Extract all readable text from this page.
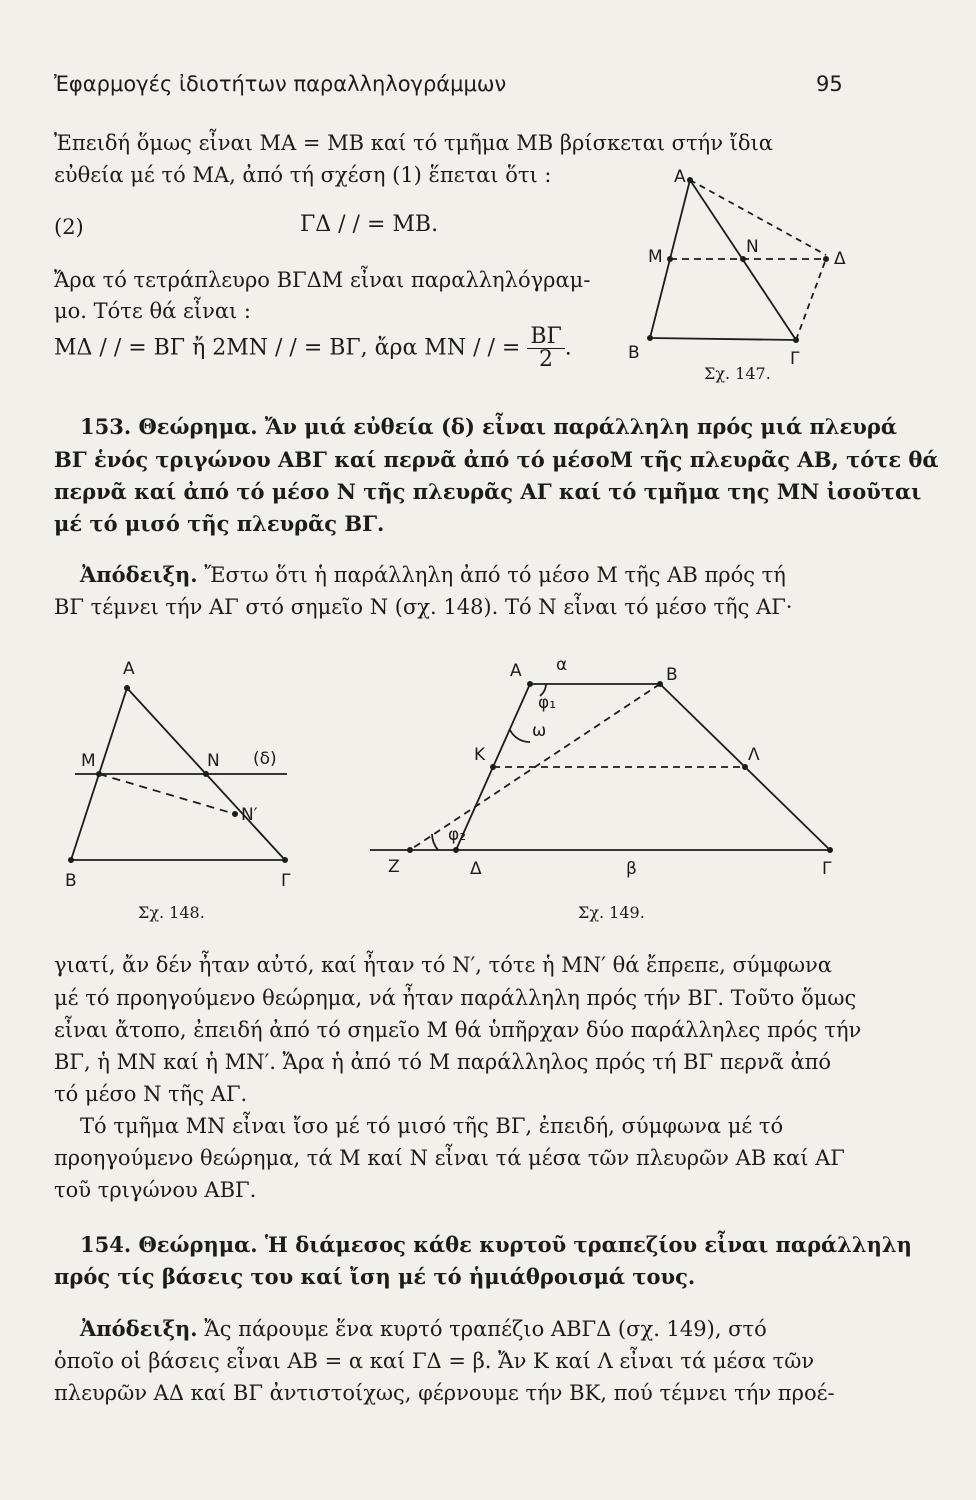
Ἐφαρμογές ἰδιοτήτων παραλληλογράμμων	95
Ἐπειδή ὅμως εἶναι ΜΑ = ΜΒ καί τό τμῆμα ΜΒ βρίσκεται στήν ἴδια
εὐθεία μέ τό ΜΑ, ἀπό τή σχέση (1) ἕπεται ὅτι :
(2)	ΓΔ / / = ΜΒ.
Ἄρα τό τετράπλευρο ΒΓΔΜ εἶναι παραλληλόγραμ-
μο. Τότε θά εἶναι :
ΜΔ / / = ΒΓ ἤ 2ΜΝ / / = ΒΓ, ἄρα ΜΝ / / = $\frac{B\Gamma}{2}$ .
Α
Μ	Ν
Δ
Β	Γ
Σχ. 147.
153. Θεώρημα. Ἄν μιά εὐθεία (δ) εἶναι παράλληλη πρός μιά πλευρά
ΒΓ ἑνός τριγώνου ΑΒΓ καί περνᾶ ἀπό τό μέσοΜ τῆς πλευρᾶς ΑΒ, τότε θά
περνᾶ καί ἀπό τό μέσο Ν τῆς πλευρᾶς ΑΓ καί τό τμῆμα της ΜΝ ἰσοῦται
μέ τό μισό τῆς πλευρᾶς ΒΓ.
Ἀπόδειξη. Ἔστω ὅτι ἡ παράλληλη ἀπό τό μέσο Μ τῆς ΑΒ πρός τή
ΒΓ τέμνει τήν ΑΓ στό σημεῖο Ν (σχ. 148). Τό Ν εἶναι τό μέσο τῆς ΑΓ·
Α
Μ	Ν (δ)
Ν′
Β	Γ
Σχ. 148.
Α α	Β
φ₁
ω
Κ	Λ
φ₂
Ζ	Δ	β	Γ
Σχ. 149.
γιατί, ἄν δέν ἦταν αὐτό, καί ἦταν τό Ν′, τότε ἡ ΜΝ′ θά ἔπρεπε, σύμφωνα
μέ τό προηγούμενο θεώρημα, νά ἦταν παράλληλη πρός τήν ΒΓ. Τοῦτο ὅμως
εἶναι ἄτοπο, ἐπειδή ἀπό τό σημεῖο Μ θά ὑπῆρχαν δύο παράλληλες πρός τήν
ΒΓ, ἡ ΜΝ καί ἡ ΜΝ′. Ἄρα ἡ ἀπό τό Μ παράλληλος πρός τή ΒΓ περνᾶ ἀπό
τό μέσο Ν τῆς ΑΓ.
Τό τμῆμα ΜΝ εἶναι ἴσο μέ τό μισό τῆς ΒΓ, ἐπειδή, σύμφωνα μέ τό
προηγούμενο θεώρημα, τά Μ καί Ν εἶναι τά μέσα τῶν πλευρῶν ΑΒ καί ΑΓ
τοῦ τριγώνου ΑΒΓ.
154. Θεώρημα. Ἡ διάμεσος κάθε κυρτοῦ τραπεζίου εἶναι παράλληλη
πρός τίς βάσεις του καί ἴση μέ τό ἡμιάθροισμά τους.
Ἀπόδειξη. Ἄς πάρουμε ἕνα κυρτό τραπέζιο ΑΒΓΔ (σχ. 149), στό
ὁποῖο οἱ βάσεις εἶναι ΑΒ = α καί ΓΔ = β. Ἄν Κ καί Λ εἶναι τά μέσα τῶν
πλευρῶν ΑΔ καί ΒΓ ἀντιστοίχως, φέρνουμε τήν ΒΚ, πού τέμνει τήν προέ-
